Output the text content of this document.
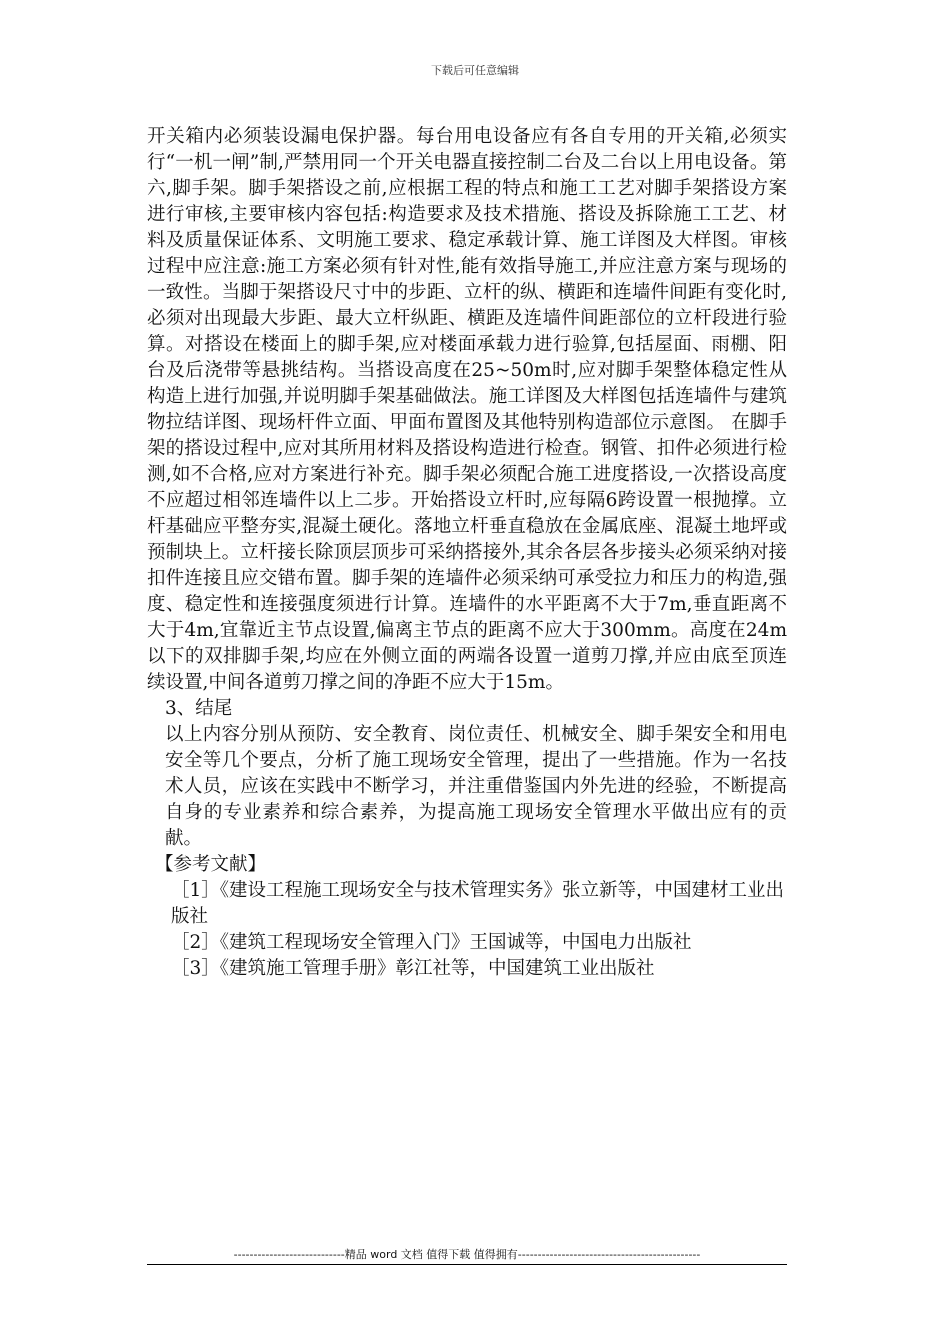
下载后可任意编辑

开关箱内必须装设漏电保护器。每台用电设备应有各自专用的开关箱,必须实行“一机一闸”制,严禁用同一个开关电器直接控制二台及二台以上用电设备。第六,脚手架。脚手架搭设之前,应根据工程的特点和施工工艺对脚手架搭设方案进行审核,主要审核内容包括:构造要求及技术措施、搭设及拆除施工工艺、材料及质量保证体系、文明施工要求、稳定承载计算、施工详图及大样图。审核过程中应注意:施工方案必须有针对性,能有效指导施工,并应注意方案与现场的一致性。当脚于架搭设尺寸中的步距、立杆的纵、横距和连墙件间距有变化时,必须对出现最大步距、最大立杆纵距、横距及连墙件间距部位的立杆段进行验算。对搭设在楼面上的脚手架,应对楼面承载力进行验算,包括屋面、雨棚、阳台及后浇带等悬挑结构。当搭设高度在25~50m时,应对脚手架整体稳定性从构造上进行加强,并说明脚手架基础做法。施工详图及大样图包括连墙件与建筑物拉结详图、现场杆件立面、甲面布置图及其他特别构造部位示意图。 在脚手架的搭设过程中,应对其所用材料及搭设构造进行检查。钢管、扣件必须进行检测,如不合格,应对方案进行补充。脚手架必须配合施工进度搭设,一次搭设高度不应超过相邻连墙件以上二步。开始搭设立杆时,应每隔6跨设置一根抛撑。立杆基础应平整夯实,混凝土硬化。落地立杆垂直稳放在金属底座、混凝土地坪或预制块上。立杆接长除顶层顶步可采纳搭接外,其余各层各步接头必须采纳对接扣件连接且应交错布置。脚手架的连墙件必须采纳可承受拉力和压力的构造,强度、稳定性和连接强度须进行计算。连墙件的水平距离不大于7m,垂直距离不大于4m,宜靠近主节点设置,偏离主节点的距离不应大于300mm。高度在24m以下的双排脚手架,均应在外侧立面的两端各设置一道剪刀撑,并应由底至顶连续设置,中间各道剪刀撑之间的净距不应大于15m。

3、结尾

以上内容分别从预防、安全教育、岗位责任、机械安全、脚手架安全和用电安全等几个要点，分析了施工现场安全管理，提出了一些措施。作为一名技术人员，应该在实践中不断学习，并注重借鉴国内外先进的经验，不断提高自身的专业素养和综合素养，为提高施工现场安全管理水平做出应有的贡献。

【参考文献】

［1］《建设工程施工现场安全与技术管理实务》张立新等，中国建材工业出版社

［2］《建筑工程现场安全管理入门》王国诚等，中国电力出版社

［3］《建筑施工管理手册》彰江社等，中国建筑工业出版社

----------------------------精品 word 文档 值得下载 值得拥有----------------------------------------------
